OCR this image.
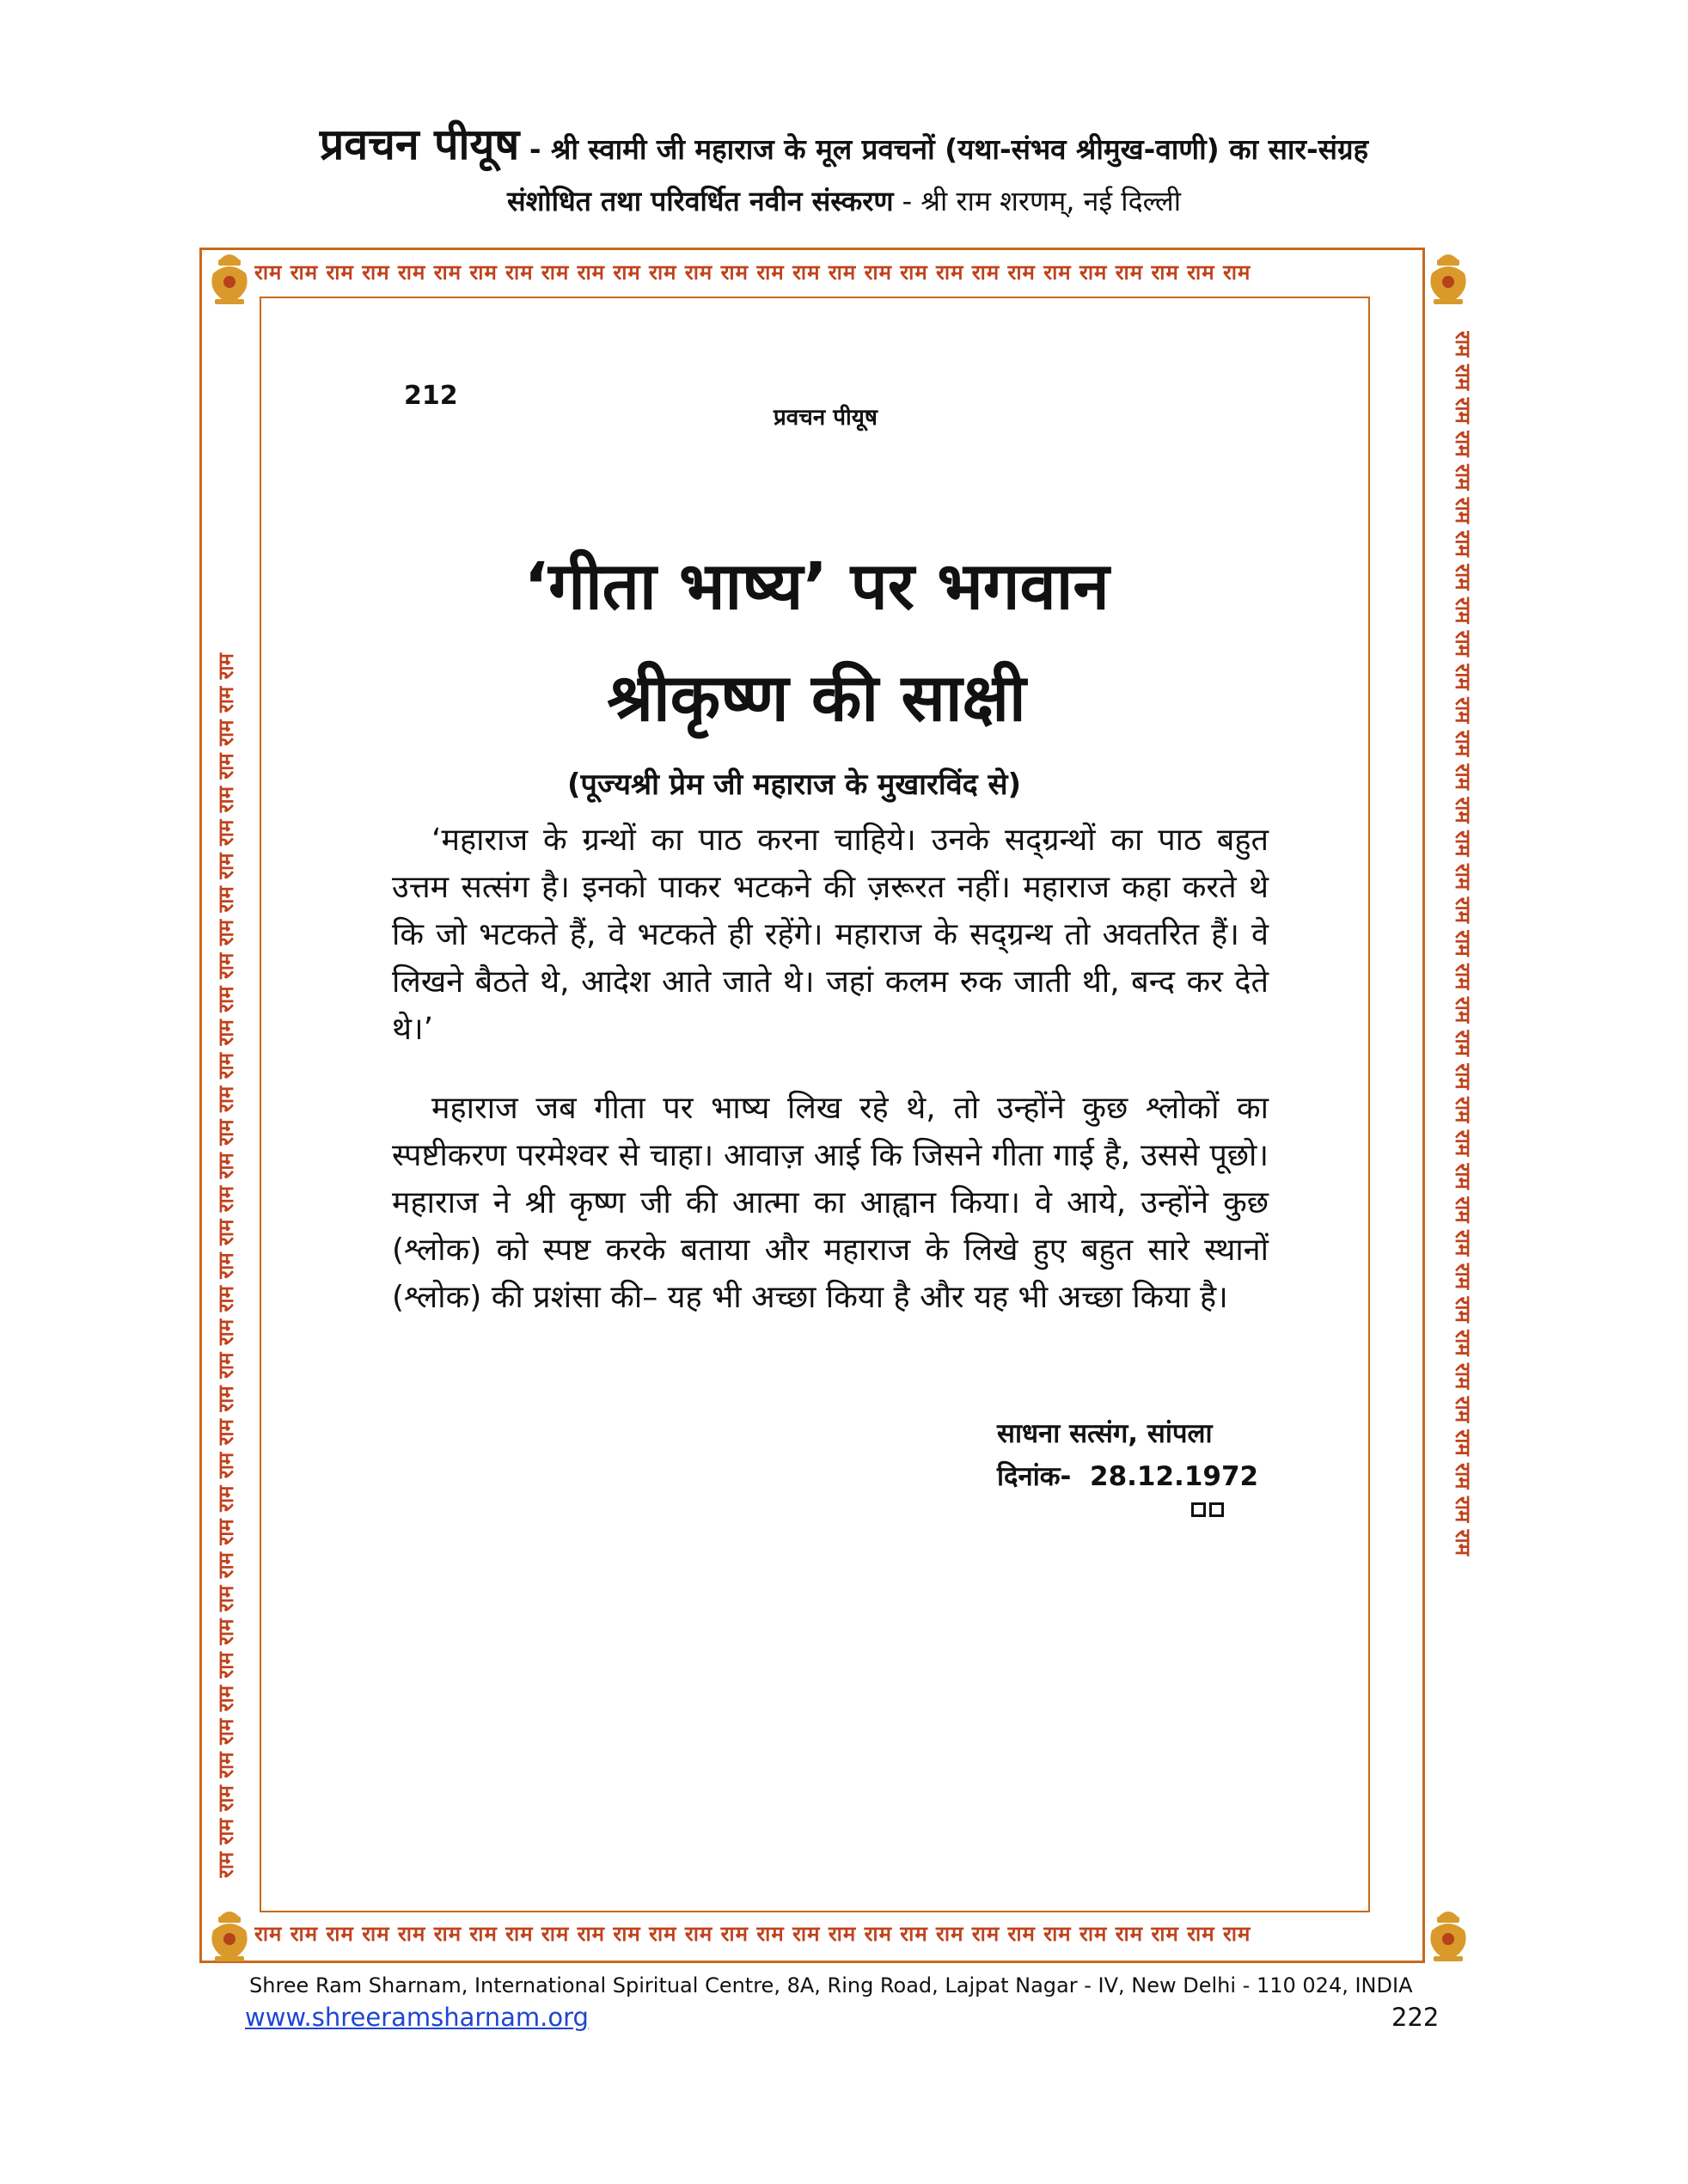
प्रवचन पीयूष - श्री स्वामी जी महाराज के मूल प्रवचनों (यथा-संभव श्रीमुख-वाणी) का सार-संग्रह
संशोधित तथा परिवर्धित नवीन संस्करण - श्री राम शरणम्, नई दिल्ली
राम राम राम राम राम राम राम राम राम राम राम राम राम राम राम राम राम राम राम राम राम राम राम राम राम राम राम राम
राम राम राम राम राम राम राम राम राम राम राम राम राम राम राम राम राम राम राम राम राम राम राम राम राम राम राम राम
राम राम राम राम राम राम राम राम राम राम राम राम राम राम राम राम राम राम राम राम राम राम राम राम राम राम राम राम राम राम राम राम राम राम राम राम राम	राम राम राम राम राम राम राम राम राम राम राम राम राम राम राम राम राम राम राम राम राम राम राम राम राम राम राम राम राम राम राम राम राम राम राम राम राम
212
प्रवचन पीयूष
‘गीता भाष्य’ पर भगवान
श्रीकृष्ण की साक्षी
(पूज्यश्री प्रेम जी महाराज के मुखारविंद से)

‘महाराज के ग्रन्थों का पाठ करना चाहिये। उनके सद्ग्रन्थों का पाठ बहुत उत्तम सत्संग है। इनको पाकर भटकने की ज़रूरत नहीं। महाराज कहा करते थे कि जो भटकते हैं, वे भटकते ही रहेंगे। महाराज के सद्ग्रन्थ तो अवतरित हैं। वे लिखने बैठते थे, आदेश आते जाते थे। जहां कलम रुक जाती थी, बन्द कर देते थे।’

महाराज जब गीता पर भाष्य लिख रहे थे, तो उन्होंने कुछ श्लोकों का स्पष्टीकरण परमेश्वर से चाहा। आवाज़ आई कि जिसने गीता गाई है, उससे पूछो। महाराज ने श्री कृष्ण जी की आत्मा का आह्वान किया। वे आये, उन्होंने कुछ (श्लोक) को स्पष्ट करके बताया और महाराज के लिखे हुए बहुत सारे स्थानों (श्लोक) की प्रशंसा की– यह भी अच्छा किया है और यह भी अच्छा किया है।

साधना सत्संग, सांपला
दिनांक- 28.12.1972
Shree Ram Sharnam, International Spiritual Centre, 8A, Ring Road, Lajpat Nagar - IV, New Delhi - 110 024, INDIA
www.shreeramsharnam.org	222
